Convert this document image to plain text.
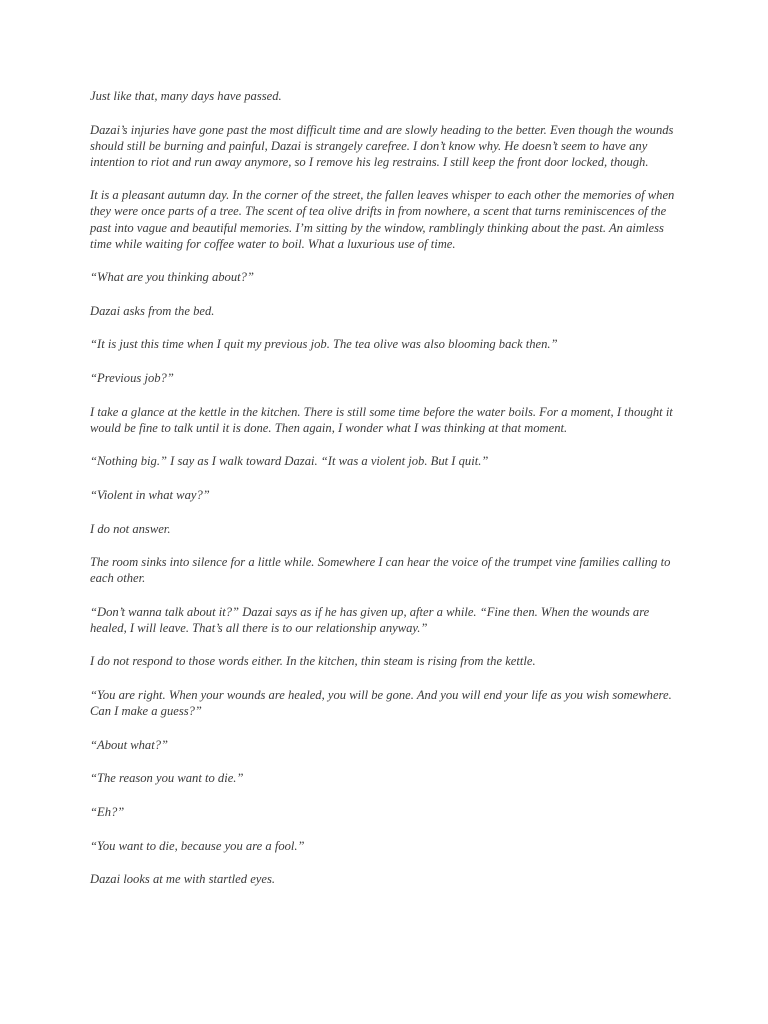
Just like that, many days have passed.

Dazai’s injuries have gone past the most difficult time and are slowly heading to the better. Even though the wounds should still be burning and painful, Dazai is strangely carefree. I don’t know why. He doesn’t seem to have any intention to riot and run away anymore, so I remove his leg restrains. I still keep the front door locked, though.

It is a pleasant autumn day. In the corner of the street, the fallen leaves whisper to each other the memories of when they were once parts of a tree. The scent of tea olive drifts in from nowhere, a scent that turns reminiscences of the past into vague and beautiful memories. I’m sitting by the window, ramblingly thinking about the past. An aimless time while waiting for coffee water to boil. What a luxurious use of time.

“What are you thinking about?”

Dazai asks from the bed.

“It is just this time when I quit my previous job. The tea olive was also blooming back then.”

“Previous job?”

I take a glance at the kettle in the kitchen. There is still some time before the water boils. For a moment, I thought it would be fine to talk until it is done. Then again, I wonder what I was thinking at that moment.

“Nothing big.” I say as I walk toward Dazai. “It was a violent job. But I quit.”

“Violent in what way?”

I do not answer.

The room sinks into silence for a little while. Somewhere I can hear the voice of the trumpet vine families calling to each other.

“Don’t wanna talk about it?” Dazai says as if he has given up, after a while. “Fine then. When the wounds are healed, I will leave. That’s all there is to our relationship anyway.”

I do not respond to those words either. In the kitchen, thin steam is rising from the kettle.

“You are right. When your wounds are healed, you will be gone. And you will end your life as you wish somewhere. Can I make a guess?”

“About what?”

“The reason you want to die.”

“Eh?”

“You want to die, because you are a fool.”

Dazai looks at me with startled eyes.
